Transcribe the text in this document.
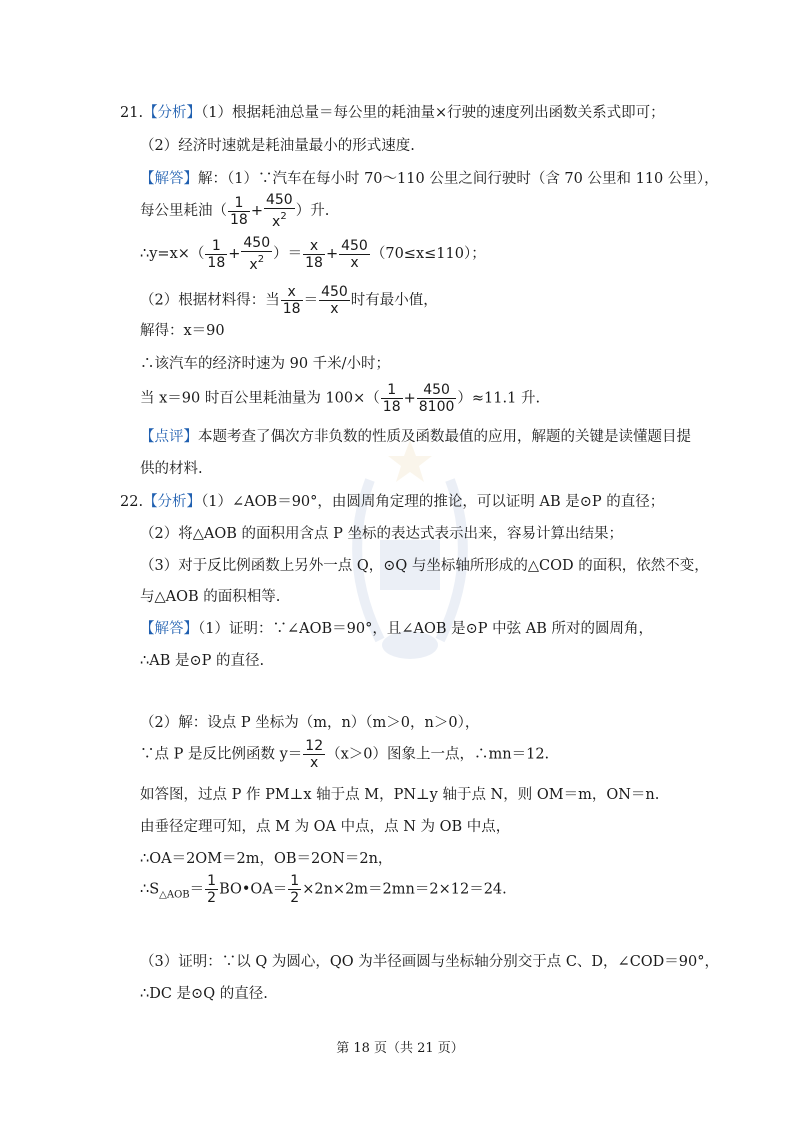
21.【分析】（1）根据耗油总量＝每公里的耗油量×行驶的速度列出函数关系式即可；
（2）经济时速就是耗油量最小的形式速度.
【解答】解：（1）∵汽车在每小时 70～110 公里之间行驶时（含 70 公里和 110 公里），
每公里耗油（ $\frac{1}{18} + \frac{450}{x^2}$ ）升.
∴y=x×（ $\frac{1}{18} + \frac{450}{x^2}$ ）＝ $\frac{x}{18} + \frac{450}{x} (70\le x\le 110)$；
（2）根据材料得：当 $\frac{x}{18} = \frac{450}{x}$ 时有最小值，
解得：x＝90
∴该汽车的经济时速为 90 千米/小时；
当 x＝90 时百公里耗油量为 $100\times( \frac{1}{18} + \frac{450}{8100} )\approx 11.1$ 升.
【点评】本题考查了偶次方非负数的性质及函数最值的应用，解题的关键是读懂题目提
供的材料.
22.【分析】（1）∠AOB＝90°，由圆周角定理的推论，可以证明 AB 是⊙P 的直径；
（2）将△AOB 的面积用含点 P 坐标的表达式表示出来，容易计算出结果；
（3）对于反比例函数上另外一点 Q，⊙Q 与坐标轴所形成的△COD 的面积，依然不变，
与△AOB 的面积相等.
【解答】（1）证明：∵∠AOB＝90°，且∠AOB 是⊙P 中弦 AB 所对的圆周角，
∴AB 是⊙P 的直径.
（2）解：设点 P 坐标为（m，n）（m＞0，n＞0），
∵点 P 是反比例函数 $y= \frac{12}{x} (x>0)$图象上一点，∴mn＝12.
如答图，过点 P 作 PM⊥x 轴于点 M，PN⊥y 轴于点 N，则 OM＝m，ON＝n.
由垂径定理可知，点 M 为 OA 中点，点 N 为 OB 中点，
∴OA＝2OM＝2m，OB＝2ON＝2n，
$\therefore S_{\triangle AOB}= \frac{1}{2}$ BO•OA＝ $\frac{1}{2} \times 2n\times 2m=2mn=2\times 12=24$.
（3）证明：∵以 Q 为圆心，QO 为半径画圆与坐标轴分别交于点 C、D，∠COD＝90°，
∴DC 是⊙Q 的直径.
第 18 页（共 21 页）
